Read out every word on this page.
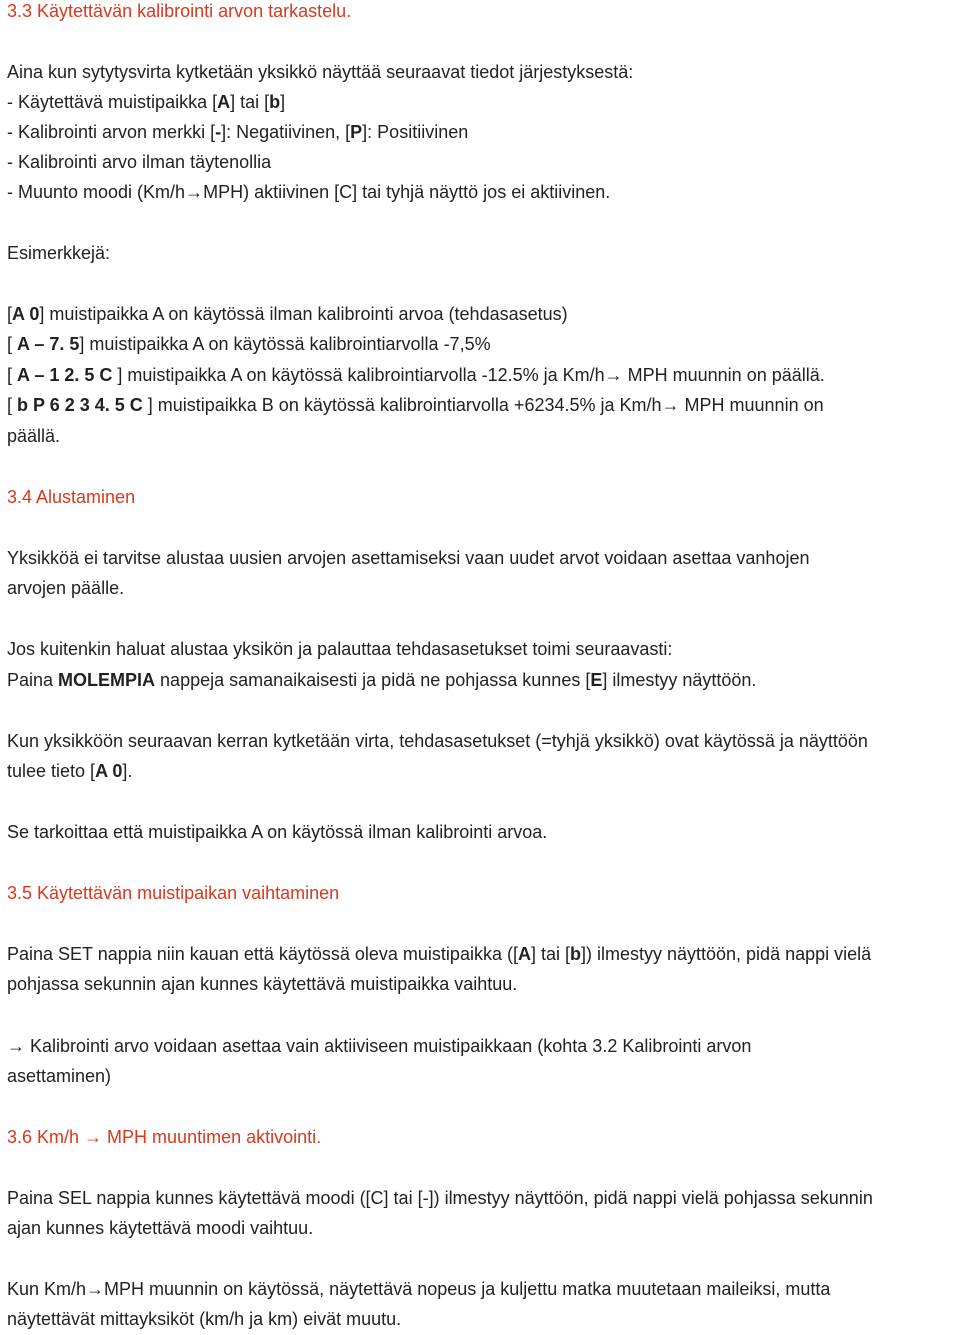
3.3 Käytettävän kalibrointi arvon tarkastelu.
Aina kun sytytysvirta kytketään yksikkö näyttää seuraavat tiedot järjestyksestä:
- Käytettävä muistipaikka [A] tai [b]
- Kalibrointi arvon merkki [-]: Negatiivinen, [P]: Positiivinen
- Kalibrointi arvo ilman täytenollia
- Muunto moodi (Km/h→MPH) aktiivinen [C] tai tyhjä näyttö jos ei aktiivinen.
Esimerkkejä:
[A 0] muistipaikka A on käytössä ilman kalibrointi arvoa (tehdasasetus)
[ A – 7. 5] muistipaikka A on käytössä kalibrointiarvolla -7,5%
[ A – 1 2. 5 C ] muistipaikka A on käytössä kalibrointiarvolla -12.5% ja Km/h→ MPH muunnin on päällä.
[ b P 6 2 3 4. 5 C ] muistipaikka B on käytössä kalibrointiarvolla +6234.5% ja Km/h→ MPH muunnin on
päällä.
3.4 Alustaminen
Yksikköä ei tarvitse alustaa uusien arvojen asettamiseksi vaan uudet arvot voidaan asettaa vanhojen
arvojen päälle.
Jos kuitenkin haluat alustaa yksikön ja palauttaa tehdasasetukset toimi seuraavasti:
Paina MOLEMPIA nappeja samanaikaisesti ja pidä ne pohjassa kunnes [E] ilmestyy näyttöön.
Kun yksikköön seuraavan kerran kytketään virta, tehdasasetukset (=tyhjä yksikkö) ovat käytössä ja näyttöön
tulee tieto [A 0].
Se tarkoittaa että muistipaikka A on käytössä ilman kalibrointi arvoa.
3.5 Käytettävän muistipaikan vaihtaminen
Paina SET nappia niin kauan että käytössä oleva muistipaikka ([A] tai [b]) ilmestyy näyttöön, pidä nappi vielä
pohjassa sekunnin ajan kunnes käytettävä muistipaikka vaihtuu.
→ Kalibrointi arvo voidaan asettaa vain aktiiviseen muistipaikkaan (kohta 3.2 Kalibrointi arvon
asettaminen)
3.6 Km/h → MPH muuntimen aktivointi.
Paina SEL nappia kunnes käytettävä moodi ([C] tai [-]) ilmestyy näyttöön, pidä nappi vielä pohjassa sekunnin
ajan kunnes käytettävä moodi vaihtuu.
Kun Km/h→MPH muunnin on käytössä, näytettävä nopeus ja kuljettu matka muutetaan maileiksi, mutta
näytettävät mittayksiköt (km/h ja km) eivät muutu.
